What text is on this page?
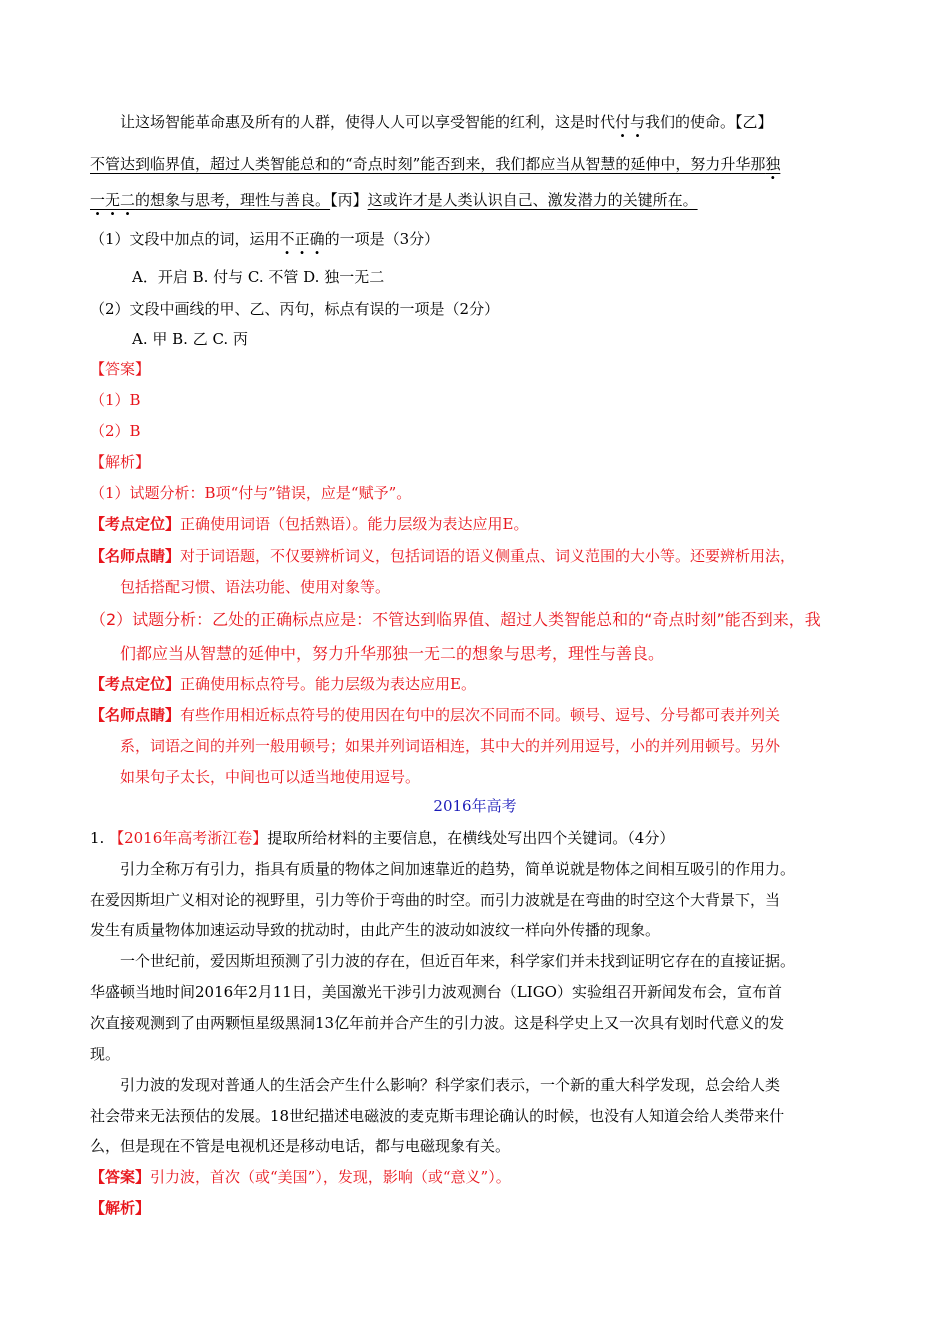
让这场智能革命惠及所有的人群，使得人人可以享受智能的红利，这是时代付与我们的使命。【乙】
不管达到临界值，超过人类智能总和的“奇点时刻”能否到来，我们都应当从智慧的延伸中，努力升华那独
一无二的想象与思考，理性与善良。【丙】这或许才是人类认识自己、激发潜力的关键所在。
（1）文段中加点的词，运用不正确的一项是（3分）
A．开启 B. 付与 C. 不管 D. 独一无二
（2）文段中画线的甲、乙、丙句，标点有误的一项是（2分）
A. 甲 B. 乙 C. 丙
【答案】
（1）B
（2）B
【解析】
（1）试题分析：B项“付与”错误，应是“赋予”。
【考点定位】正确使用词语（包括熟语）。能力层级为表达应用E。
【名师点睛】对于词语题，不仅要辨析词义，包括词语的语义侧重点、词义范围的大小等。还要辨析用法，
包括搭配习惯、语法功能、使用对象等。
（2）试题分析：乙处的正确标点应是：不管达到临界值、超过人类智能总和的“奇点时刻”能否到来，我
们都应当从智慧的延伸中，努力升华那独一无二的想象与思考，理性与善良。
【考点定位】正确使用标点符号。能力层级为表达应用E。
【名师点睛】有些作用相近标点符号的使用因在句中的层次不同而不同。顿号、逗号、分号都可表并列关
系，词语之间的并列一般用顿号；如果并列词语相连，其中大的并列用逗号，小的并列用顿号。另外
如果句子太长，中间也可以适当地使用逗号。
2016年高考
1. 【2016年高考浙江卷】提取所给材料的主要信息，在横线处写出四个关键词。（4分）
引力全称万有引力，指具有质量的物体之间加速靠近的趋势，简单说就是物体之间相互吸引的作用力。
在爱因斯坦广义相对论的视野里，引力等价于弯曲的时空。而引力波就是在弯曲的时空这个大背景下，当
发生有质量物体加速运动导致的扰动时，由此产生的波动如波纹一样向外传播的现象。
一个世纪前，爱因斯坦预测了引力波的存在，但近百年来，科学家们并未找到证明它存在的直接证据。
华盛顿当地时间2016年2月11日，美国激光干涉引力波观测台（LIGO）实验组召开新闻发布会，宣布首
次直接观测到了由两颗恒星级黑洞13亿年前并合产生的引力波。这是科学史上又一次具有划时代意义的发
现。
引力波的发现对普通人的生活会产生什么影响？科学家们表示，一个新的重大科学发现，总会给人类
社会带来无法预估的发展。18世纪描述电磁波的麦克斯韦理论确认的时候，也没有人知道会给人类带来什
么，但是现在不管是电视机还是移动电话，都与电磁现象有关。
【答案】引力波，首次（或“美国”），发现，影响（或“意义”）。
【解析】
